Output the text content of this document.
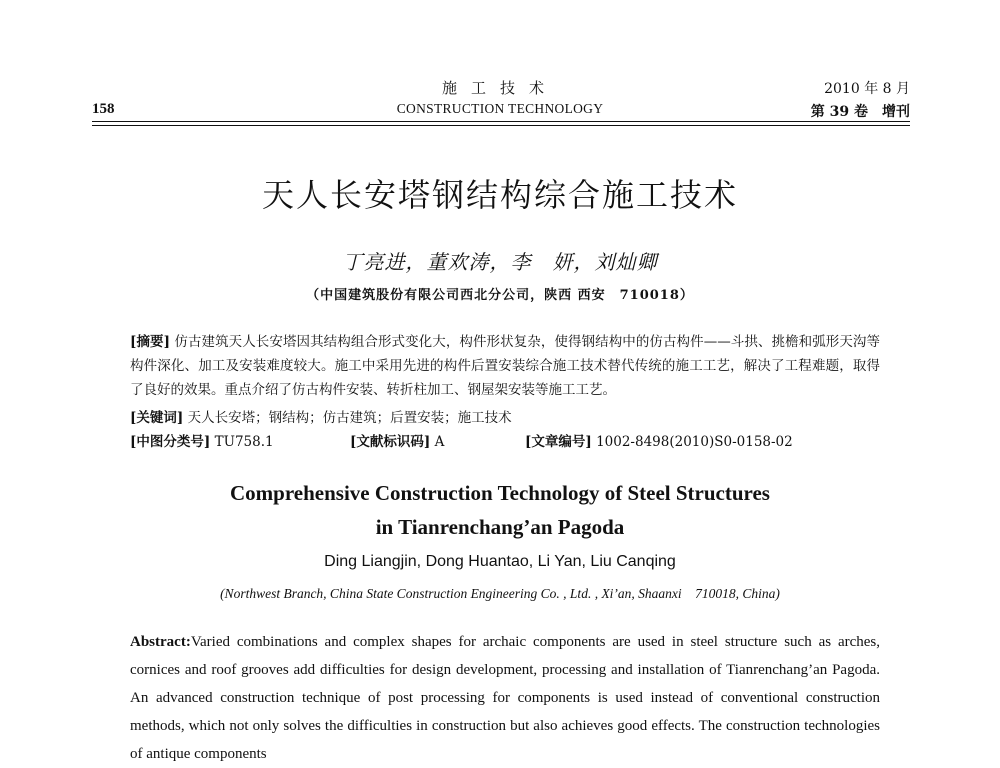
施工技术
CONSTRUCTION TECHNOLOGY
158
2010 年 8 月
第 39 卷　增刊
天人长安塔钢结构综合施工技术
丁亮进，董欢涛，李　妍，刘灿卿
（中国建筑股份有限公司西北分公司，陕西 西安　710018）
[摘要] 仿古建筑天人长安塔因其结构组合形式变化大，构件形状复杂，使得钢结构中的仿古构件——斗拱、挑檐和弧形天沟等构件深化、加工及安装难度较大。施工中采用先进的构件后置安装综合施工技术替代传统的施工工艺，解决了工程难题，取得了良好的效果。重点介绍了仿古构件安装、转折柱加工、钢屋架安装等施工工艺。
[关键词] 天人长安塔；钢结构；仿古建筑；后置安装；施工技术
[中图分类号] TU758.1	[文献标识码] A	[文章编号] 1002-8498(2010)S0-0158-02
Comprehensive Construction Technology of Steel Structures
in Tianrenchang’an Pagoda
Ding Liangjin, Dong Huantao, Li Yan, Liu Canqing
(Northwest Branch, China State Construction Engineering Co. , Ltd. , Xi’an, Shaanxi　710018, China)
Abstract:Varied combinations and complex shapes for archaic components are used in steel structure such as arches, cornices and roof grooves add difficulties for design development, processing and installation of Tianrenchang’an Pagoda. An advanced construction technique of post processing for components is used instead of conventional construction methods, which not only solves the difficulties in construction but also achieves good effects. The construction technologies of antique components
